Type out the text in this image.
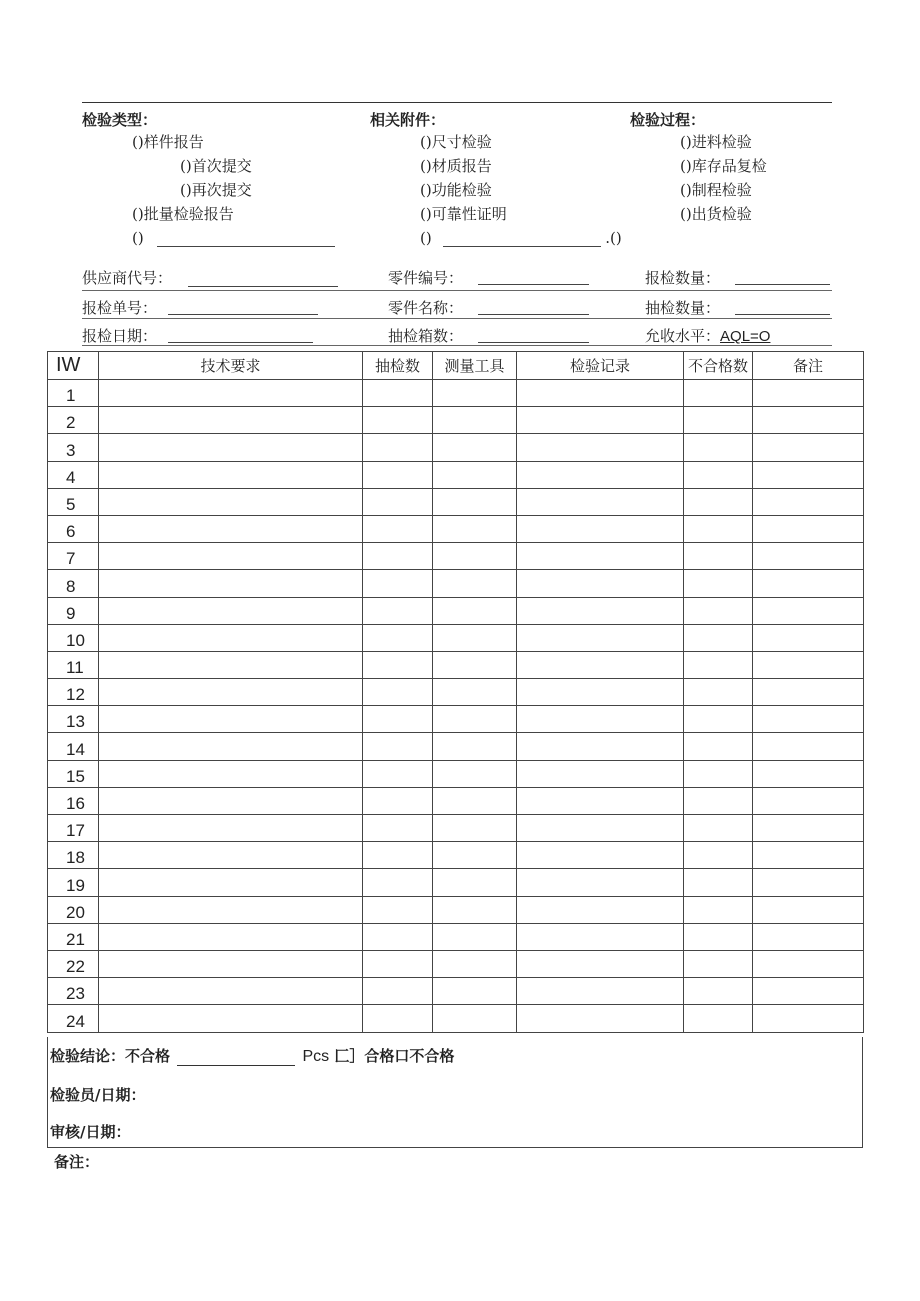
检验类型：
()样件报告
()首次提交
()再次提交
()批量检验报告
()
相关附件：
()尺寸检验
()材质报告
()功能检验
()可靠性证明
()	.()
检验过程：
()进料检验
()库存品复检
()制程检验
()出货检验
供应商代号：	零件编号：	报检数量：
报检单号：	零件名称：	抽检数量：
报检日期：	抽检箱数：	允收水平：AQL=O
IW	技术要求	抽检数	测量工具	检验记录	不合格数	备注
1						
2						
3						
4						
5						
6						
7						
8						
9						
10						
11						
12						
13						
14						
15						
16						
17						
18						
19						
20						
21						
22						
23						
24						
检验结论：不合格	Pcs 匚］合格口不合格
检验员/日期：
审核/日期：
备注：
